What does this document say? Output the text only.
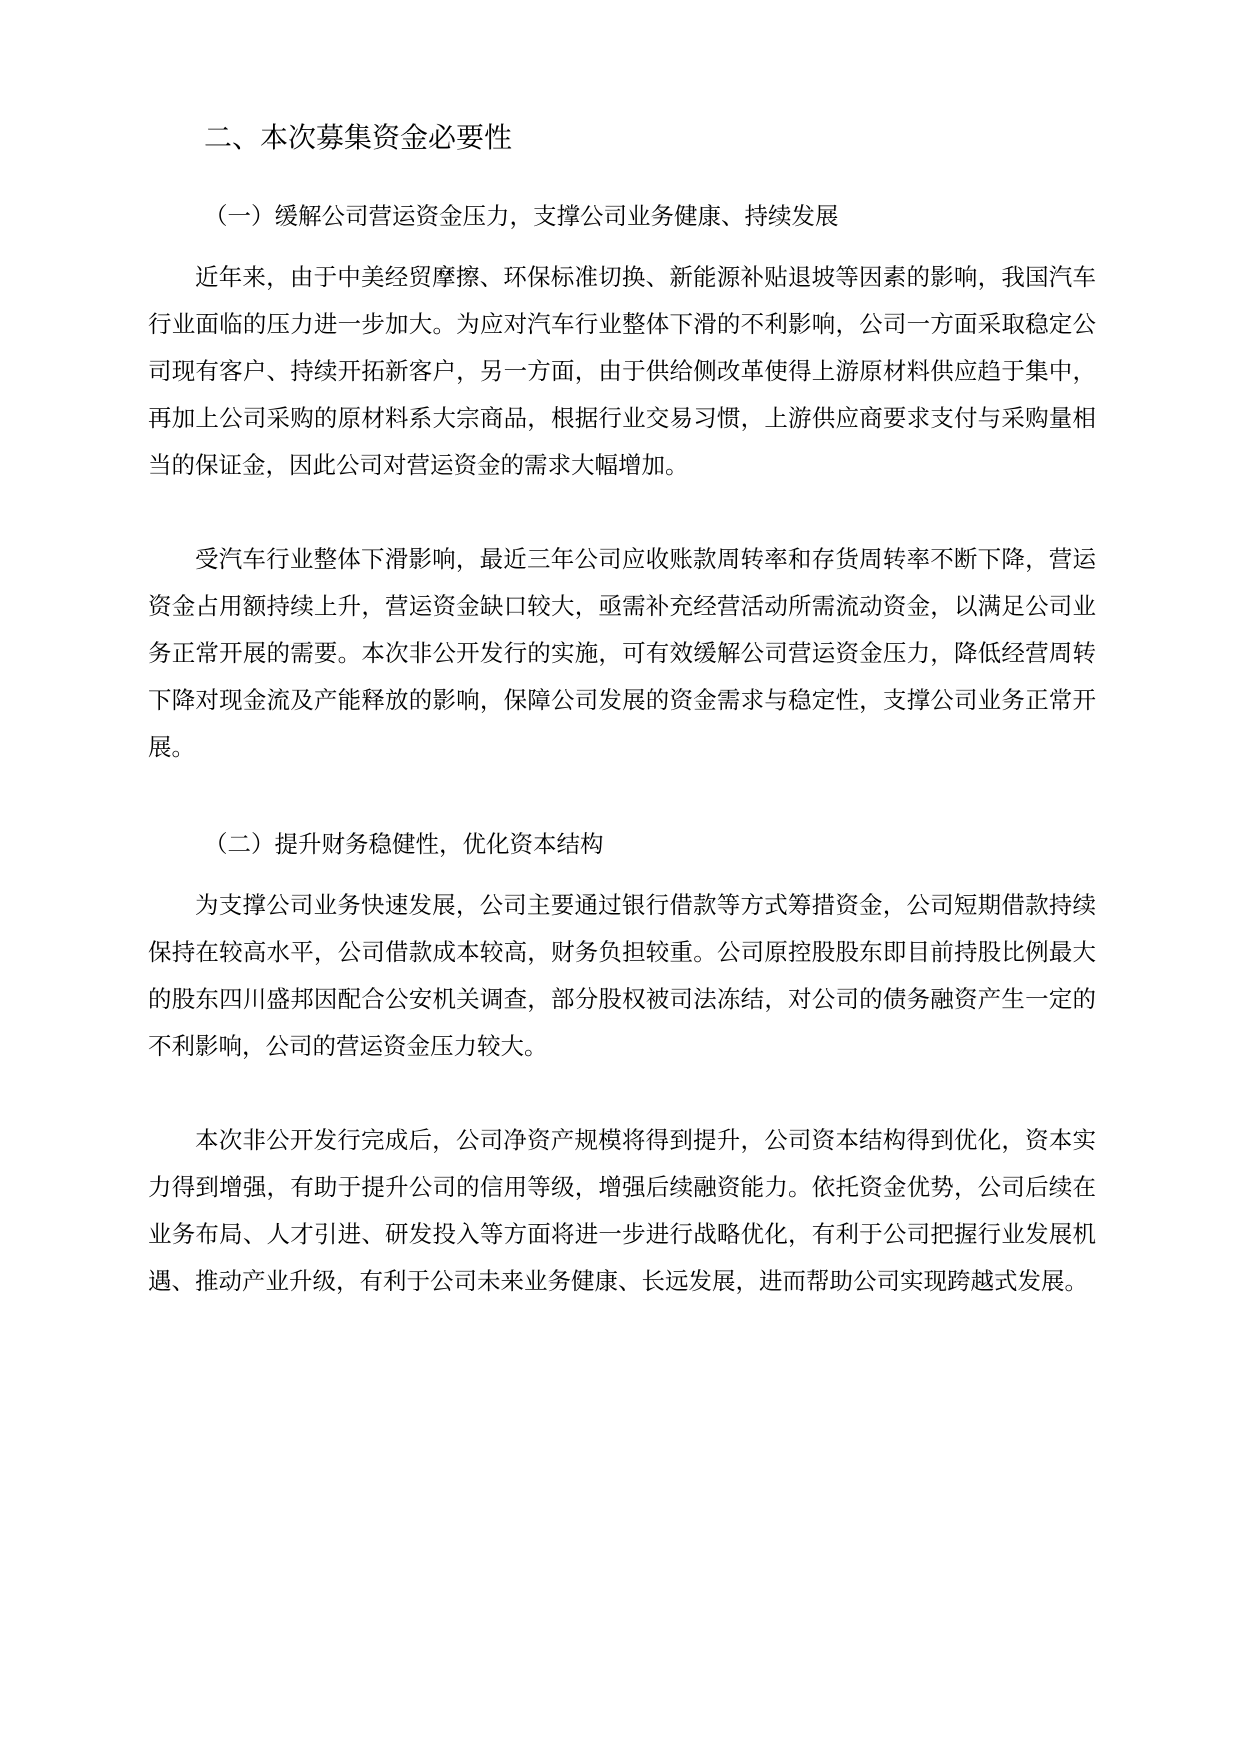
二、本次募集资金必要性
（一）缓解公司营运资金压力，支撑公司业务健康、持续发展

近年来，由于中美经贸摩擦、环保标准切换、新能源补贴退坡等因素的影响，我国汽车行业面临的压力进一步加大。为应对汽车行业整体下滑的不利影响，公司一方面采取稳定公司现有客户、持续开拓新客户，另一方面，由于供给侧改革使得上游原材料供应趋于集中，再加上公司采购的原材料系大宗商品，根据行业交易习惯，上游供应商要求支付与采购量相当的保证金，因此公司对营运资金的需求大幅增加。

受汽车行业整体下滑影响，最近三年公司应收账款周转率和存货周转率不断下降，营运资金占用额持续上升，营运资金缺口较大，亟需补充经营活动所需流动资金，以满足公司业务正常开展的需要。本次非公开发行的实施，可有效缓解公司营运资金压力，降低经营周转下降对现金流及产能释放的影响，保障公司发展的资金需求与稳定性，支撑公司业务正常开展。

（二）提升财务稳健性，优化资本结构

为支撑公司业务快速发展，公司主要通过银行借款等方式筹措资金，公司短期借款持续保持在较高水平，公司借款成本较高，财务负担较重。公司原控股股东即目前持股比例最大的股东四川盛邦因配合公安机关调查，部分股权被司法冻结，对公司的债务融资产生一定的不利影响，公司的营运资金压力较大。

本次非公开发行完成后，公司净资产规模将得到提升，公司资本结构得到优化，资本实力得到增强，有助于提升公司的信用等级，增强后续融资能力。依托资金优势，公司后续在业务布局、人才引进、研发投入等方面将进一步进行战略优化，有利于公司把握行业发展机遇、推动产业升级，有利于公司未来业务健康、长远发展，进而帮助公司实现跨越式发展。
